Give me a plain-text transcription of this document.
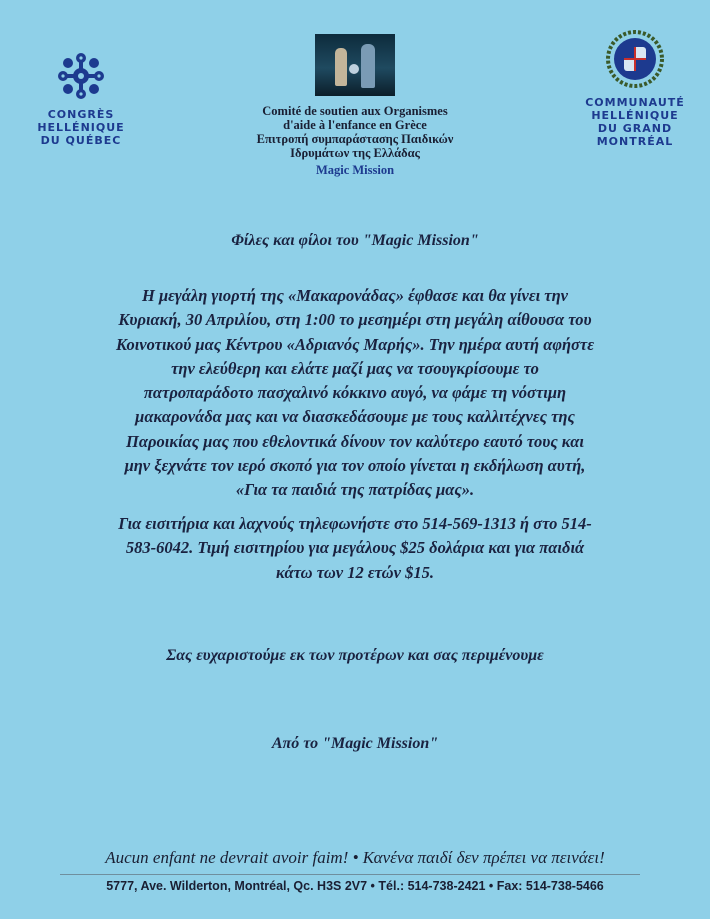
CONGRÈS
HELLÉNIQUE
DU QUÉBEC
Comité de soutien aux Organismes
d'aide à l'enfance en Grèce
Επιτροπή συμπαράστασης Παιδικών
Ιδρυμάτων της Ελλάδας
Magic Mission
COMMUNAUTÉ
HELLÉNIQUE
DU GRAND
MONTRÉAL
Φίλες και φίλοι του "Magic Mission"
Η μεγάλη γιορτή της «Μακαρονάδας» έφθασε και θα γίνει την
Κυριακή, 30 Απριλίου, στη 1:00 το μεσημέρι στη μεγάλη αίθουσα του
Κοινοτικού μας Κέντρου «Αδριανός Μαρής». Την ημέρα αυτή αφήστε
την ελεύθερη και ελάτε μαζί μας να τσουγκρίσουμε το
πατροπαράδοτο πασχαλινό κόκκινο αυγό, να φάμε τη νόστιμη
μακαρονάδα μας και να διασκεδάσουμε με τους καλλιτέχνες της
Παροικίας μας που εθελοντικά δίνουν τον καλύτερο εαυτό τους και
μην ξεχνάτε τον ιερό σκοπό για τον οποίο γίνεται η εκδήλωση αυτή,
«Για τα παιδιά της πατρίδας μας».
Για εισιτήρια και λαχνούς τηλεφωνήστε στο 514-569-1313 ή στο 514-
583-6042. Τιμή εισιτηρίου για μεγάλους $25 δολάρια και για παιδιά
κάτω των 12 ετών $15.
Σας ευχαριστούμε εκ των προτέρων και σας περιμένουμε
Από το "Magic Mission"
Aucun enfant ne devrait avoir faim! • Κανένα παιδί δεν πρέπει να πεινάει!
5777, Ave. Wilderton, Montréal, Qc. H3S 2V7 • Tél.: 514-738-2421 • Fax: 514-738-5466
